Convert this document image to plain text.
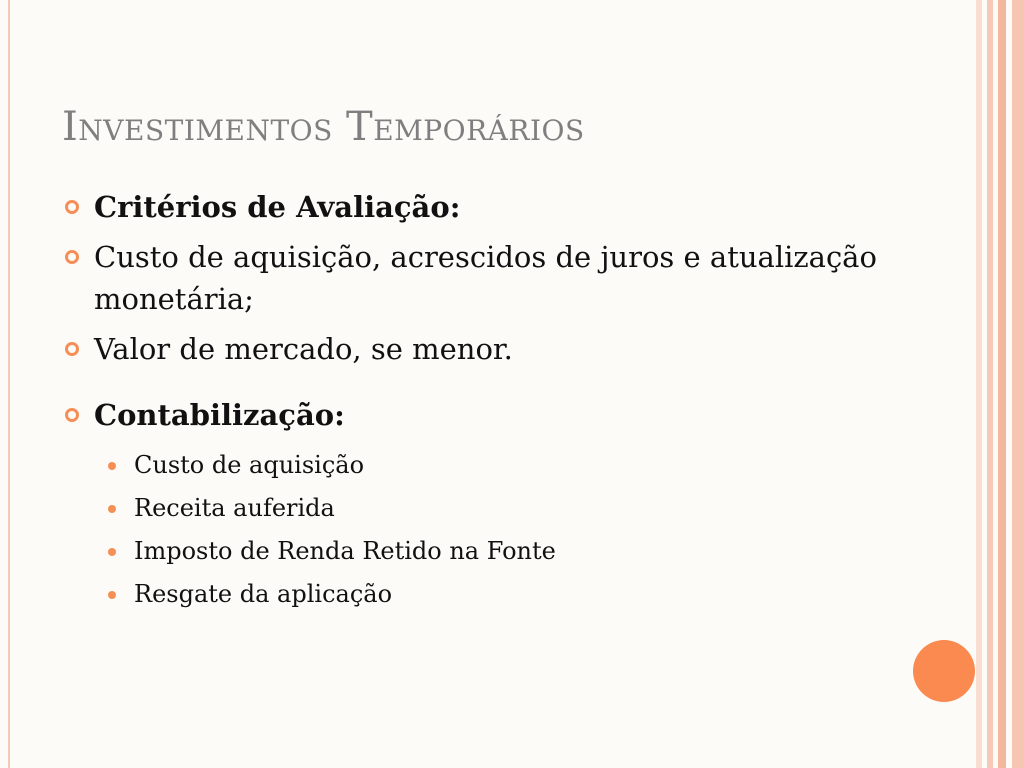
Investimentos Temporários
Critérios de Avaliação:
Custo de aquisição, acrescidos de juros e atualização monetária;
Valor de mercado, se menor.
Contabilização:
Custo de aquisição
Receita auferida
Imposto de Renda Retido na Fonte
Resgate da aplicação
